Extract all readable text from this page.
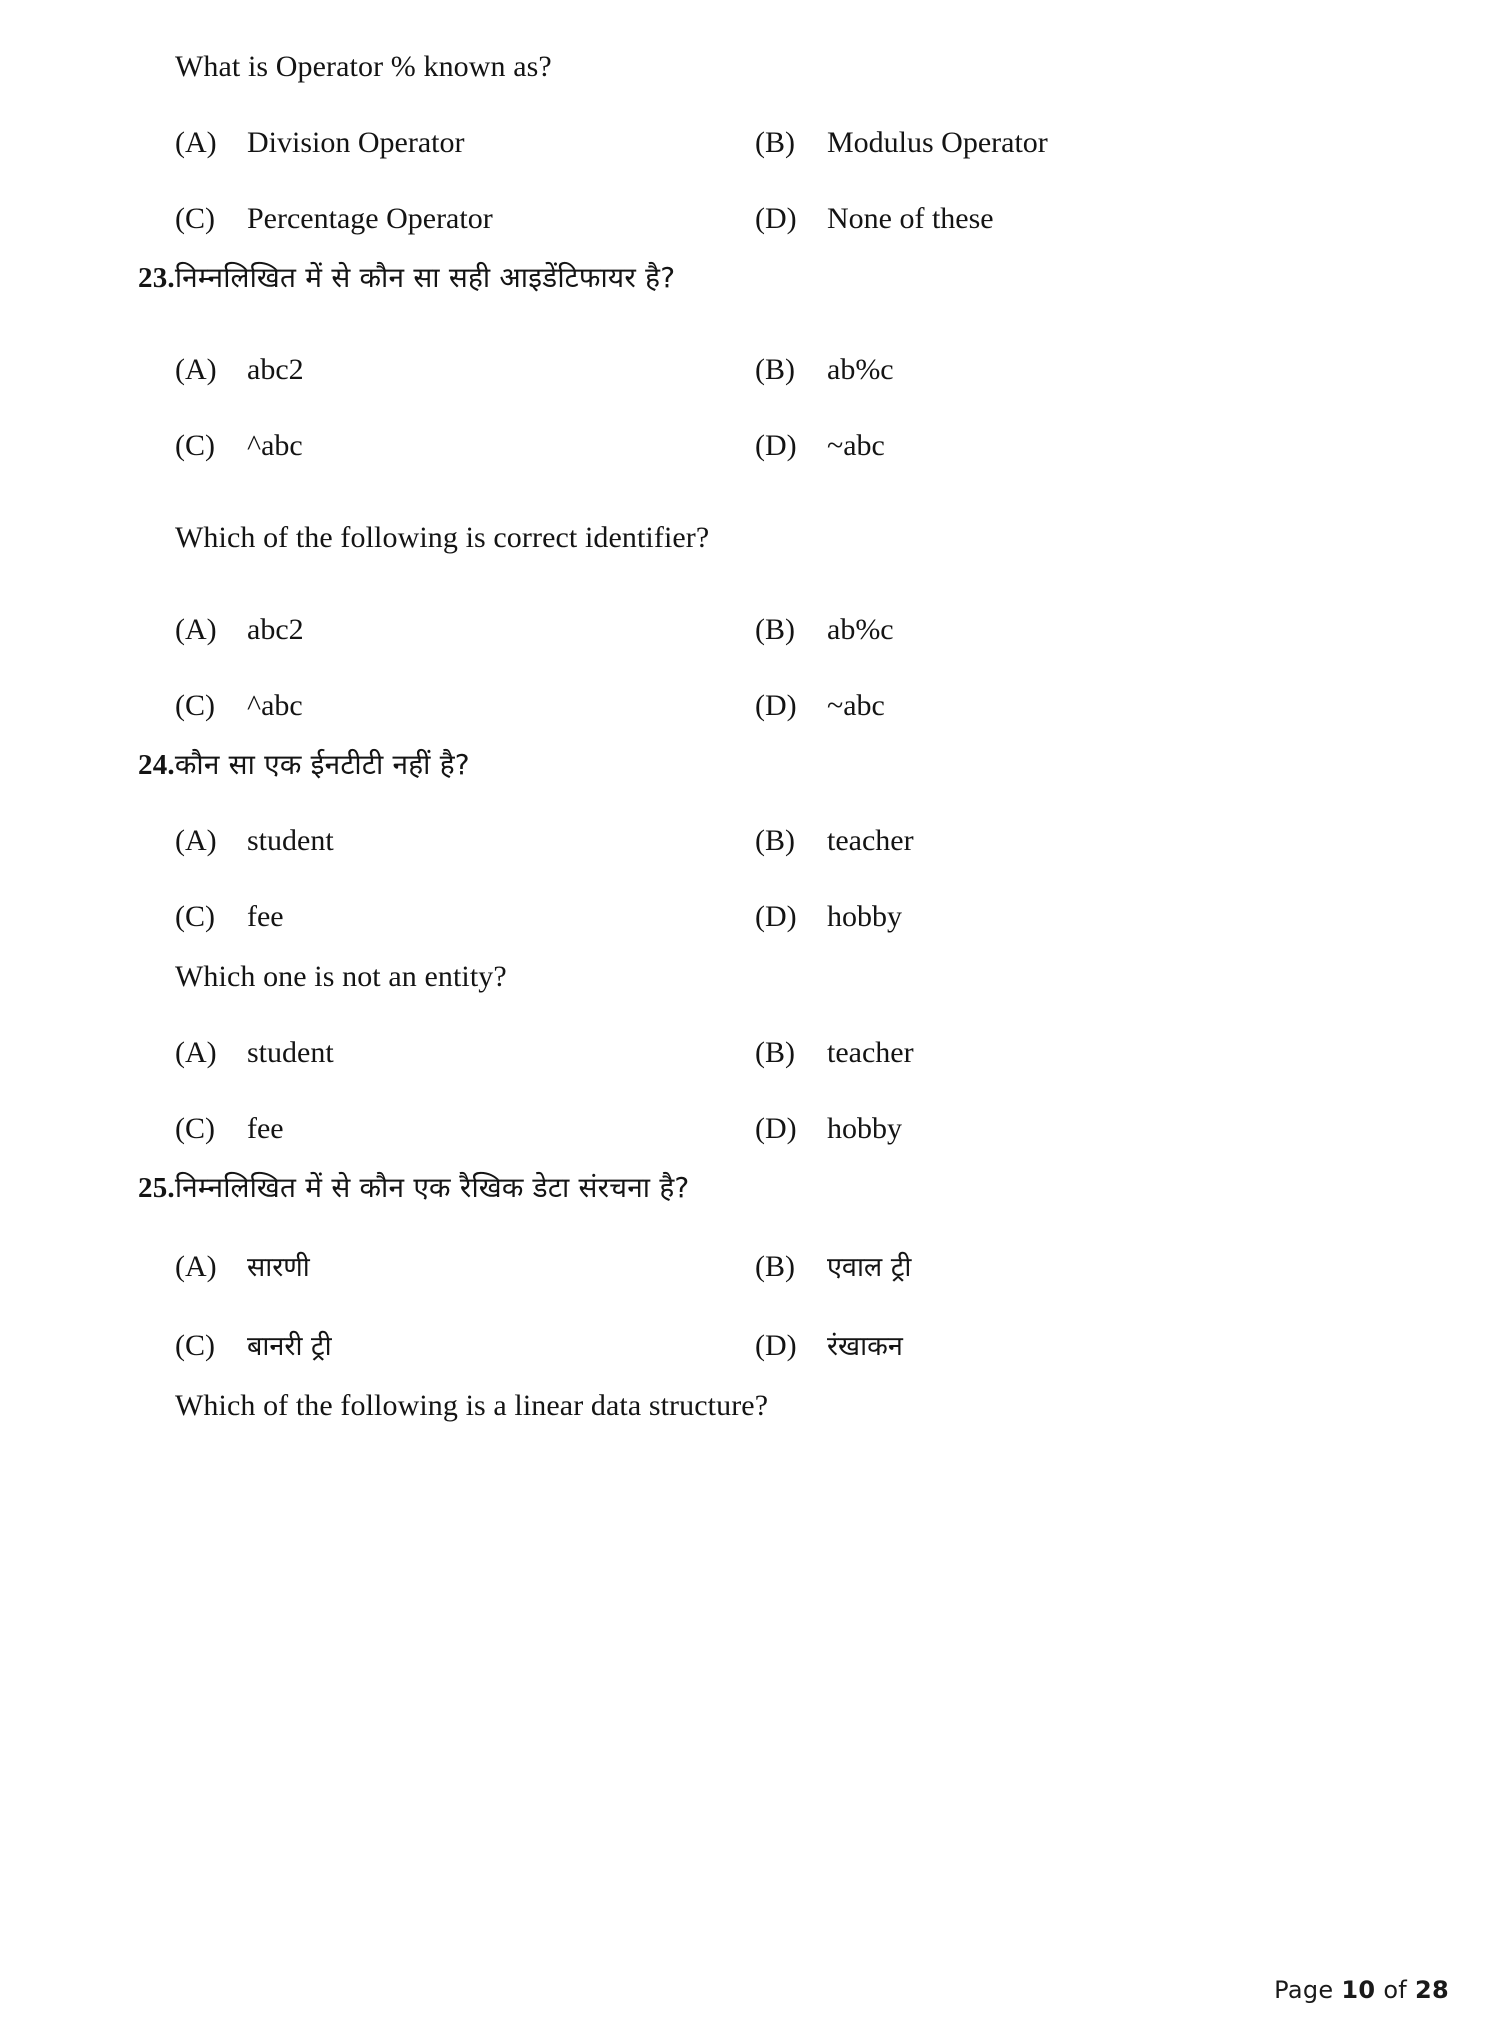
What is Operator % known as?
(A)	Division Operator	(B)	Modulus Operator
(C)	Percentage Operator	(D)	None of these
23.निम्नलिखित में से कौन सा सही आइडेंटिफायर है?
(A)	abc2	(B)	ab%c
(C)	^abc	(D)	~abc
Which of the following is correct identifier?
(A)	abc2	(B)	ab%c
(C)	^abc	(D)	~abc
24.कौन सा एक ईनटीटी नहीं है?
(A)	student	(B)	teacher
(C)	fee	(D)	hobby
Which one is not an entity?
(A)	student	(B)	teacher
(C)	fee	(D)	hobby
25.निम्नलिखित में से कौन एक रैखिक डेटा संरचना है?
(A)	सारणी	(B)	एवाल ट्री
(C)	बानरी ट्री	(D)	रंखाकन
Which of the following is a linear data structure?
Page 10 of 28
